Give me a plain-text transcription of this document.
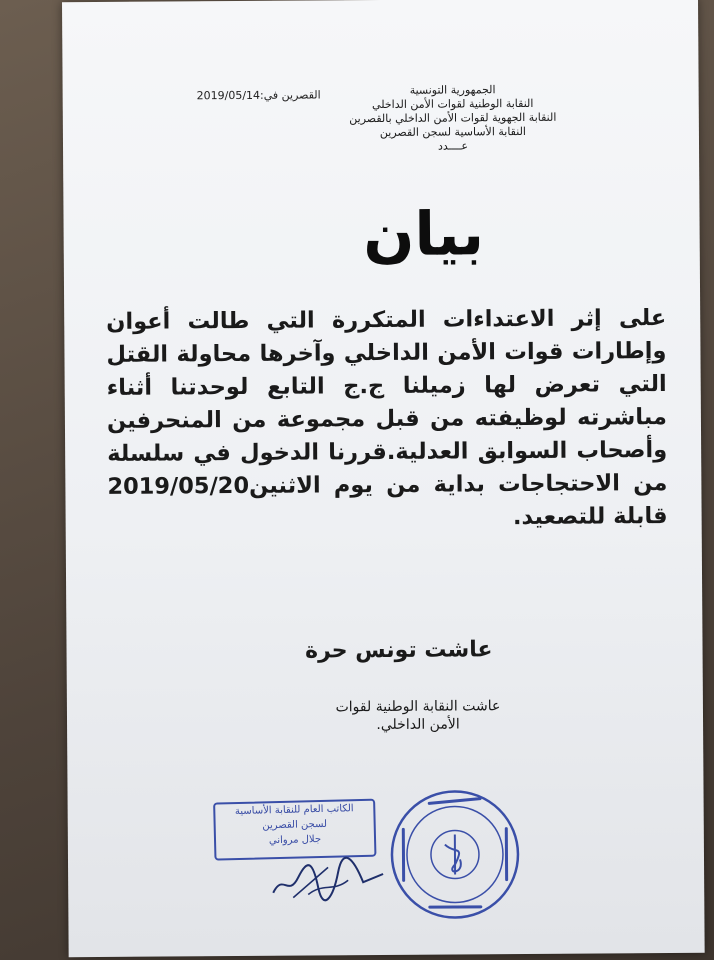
القصرين في:2019/05/14	الجمهورية التونسية
النقابة الوطنية لقوات الأمن الداخلي
النقابة الجهوية لقوات الأمن الداخلي بالقصرين
النقابة الأساسية لسجن القصرين
عــــدد
بيان
على إثر الاعتداءات المتكررة التي طالت أعوان وإطارات قوات الأمن الداخلي وآخرها محاولة القتل التي تعرض لها زميلنا ج.ج التابع لوحدتنا أثناء مباشرته لوظيفته من قبل مجموعة من المنحرفين وأصحاب السوابق العدلية.قررنا الدخول في سلسلة من الاحتجاجات بداية من يوم الاثنين2019/05/20 قابلة للتصعيد.
عاشت تونس حرة
عاشت النقابة الوطنية لقوات الأمن الداخلي.
الكاتب العام للنقابة الأساسية
لسجن القصرين
جلال مرواني
